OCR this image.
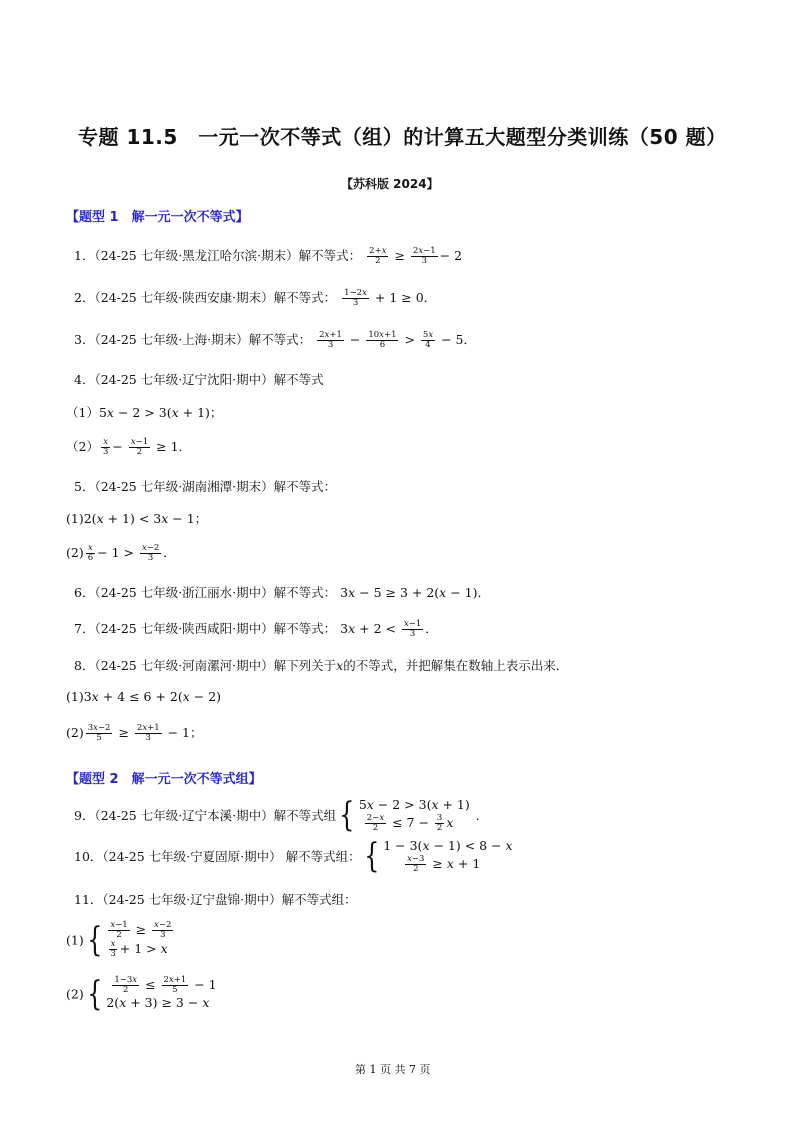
专题 11.5　一元一次不等式（组）的计算五大题型分类训练（50 题）
【苏科版 2024】
【题型 1　解一元一次不等式】
1．（24-25 七年级·黑龙江哈尔滨·期末）解不等式： $\frac{2+x}{2} \ge \frac{2x-1}{3} - 2$
2．（24-25 七年级·陕西安康·期末）解不等式： $\frac{1-2x}{3} + 1 \ge 0$．
3．（24-25 七年级·上海·期末）解不等式： $\frac{2x+1}{3} - \frac{10x+1}{6} > \frac{5x}{4} - 5$．
4．（24-25 七年级·辽宁沈阳·期中）解不等式
（1）5x − 2 > 3(x + 1)；
$(2) \frac{x}{3} - \frac{x-1}{2} \ge 1$．
5．（24-25 七年级·湖南湘潭·期末）解不等式：
(1)2(x + 1) < 3x − 1；
$(2) \frac{x}{6} - 1 > \frac{x-2}{3}$ ．
6．（24-25 七年级·浙江丽水·期中）解不等式： 3x − 5 ≥ 3 + 2(x − 1)．
7．（24-25 七年级·陕西咸阳·期中）解不等式： $3x + 2 < \frac{x-1}{3}$ ．
8．（24-25 七年级·河南漯河·期中）解下列关于x的不等式，并把解集在数轴上表示出来．
(1)3x + 4 ≤ 6 + 2(x − 2)
$(2) \frac{3x-2}{5} \ge \frac{2x+1}{3} - 1$；
【题型 2　解一元一次不等式组】
9．（24-25 七年级·辽宁本溪·期中）解不等式组 { 5x − 2 > 3(x + 1)

$\frac{2-x}{2} \le 7 - \frac{3}{2}$ x	．
10．（24-25 七年级·宁夏固原·期中） 解不等式组： { 1 − 3(x − 1) < 8 − x

$\frac{x-3}{2} \ge x + 1$
11．（24-25 七年级·辽宁盘锦·期中）解不等式组：
(1) { $\frac{x-1}{2} \ge \frac{x-2}{3}$
$\frac{x}{3} + 1 > x$
(2) {
$\frac{1-3x}{2} \le \frac{2x+1}{5} - 1$
2(x + 3) ≥ 3 − x
第 1 页 共 7 页
